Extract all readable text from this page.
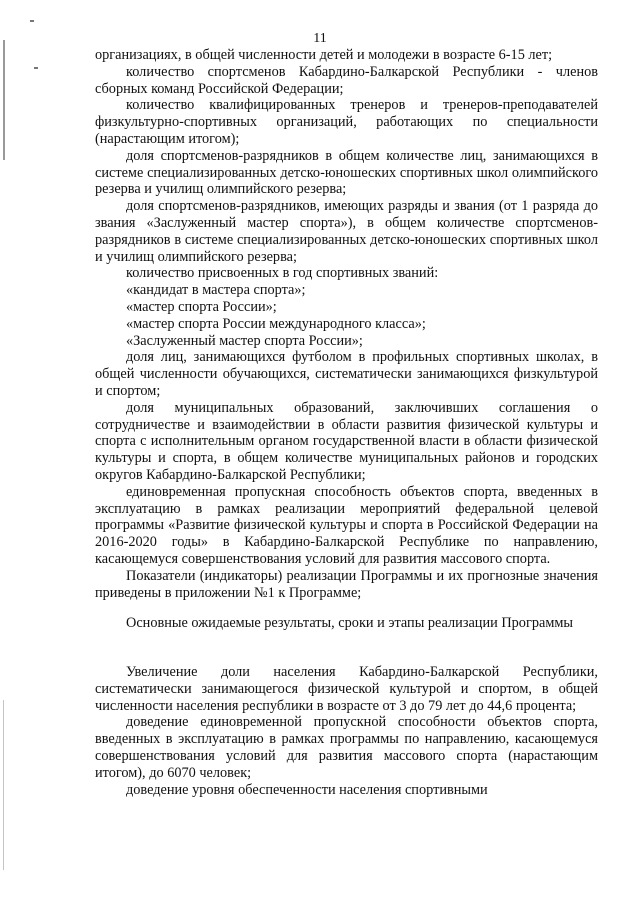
11

организациях, в общей численности детей и молодежи в возрасте 6-15 лет;

количество спортсменов Кабардино-Балкарской Республики - членов сборных команд Российской Федерации;

количество квалифицированных тренеров и тренеров-преподавателей физкультурно-спортивных организаций, работающих по специальности (нарастающим итогом);

доля спортсменов-разрядников в общем количестве лиц, занимающихся в системе специализированных детско-юношеских спортивных школ олимпийского резерва и училищ олимпийского резерва;

доля спортсменов-разрядников, имеющих разряды и звания (от 1 разряда до звания «Заслуженный мастер спорта»), в общем количестве спортсменов-разрядников в системе специализированных детско-юношеских спортивных школ и училищ олимпийского резерва;

количество присвоенных в год спортивных званий:

«кандидат в мастера спорта»;

«мастер спорта России»;

«мастер спорта России международного класса»;

«Заслуженный мастер спорта России»;

доля лиц, занимающихся футболом в профильных спортивных школах, в общей численности обучающихся, систематически занимающихся физкультурой и спортом;

доля муниципальных образований, заключивших соглашения о сотрудничестве и взаимодействии в области развития физической культуры и спорта с исполнительным органом государственной власти в области физической культуры и спорта, в общем количестве муниципальных районов и городских округов Кабардино-Балкарской Республики;

единовременная пропускная способность объектов спорта, введенных в эксплуатацию в рамках реализации мероприятий федеральной целевой программы «Развитие физической культуры и спорта в Российской Федерации на 2016-2020 годы» в Кабардино-Балкарской Республике по направлению, касающемуся совершенствования условий для развития массового спорта.

Показатели (индикаторы) реализации Программы и их прогнозные значения приведены в приложении №1 к Программе;

Основные ожидаемые результаты, сроки и этапы реализации Программы

Увеличение доли населения Кабардино-Балкарской Республики, систематически занимающегося физической культурой и спортом, в общей численности населения республики в возрасте от 3 до 79 лет до 44,6 процента;

доведение единовременной пропускной способности объектов спорта, введенных в эксплуатацию в рамках программы по направлению, касающемуся совершенствования условий для развития массового спорта (нарастающим итогом), до 6070 человек;

доведение уровня обеспеченности населения спортивными
